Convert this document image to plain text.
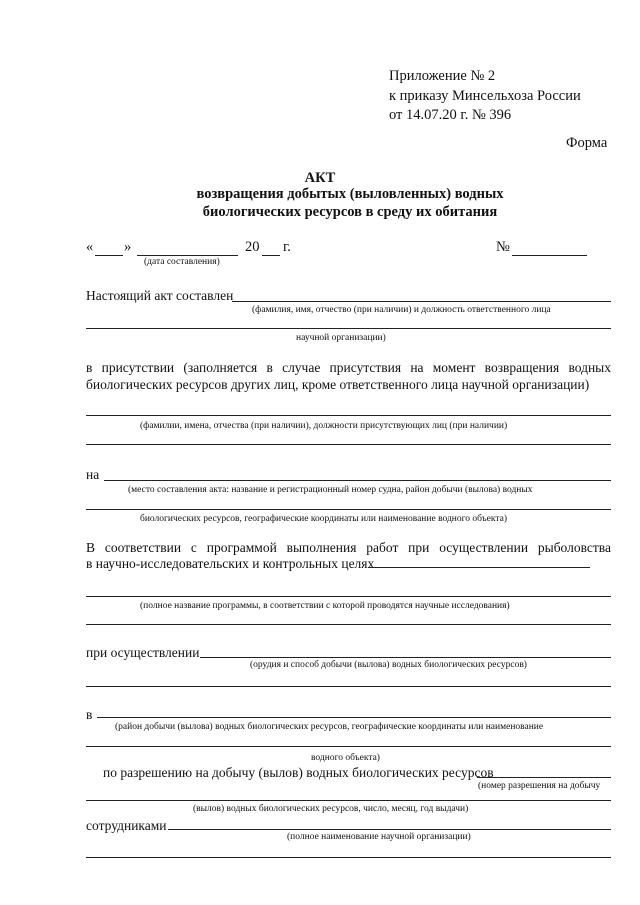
Приложение № 2
к приказу Минсельхоза России
от 14.07.20 г. № 396
Форма
АКТ
возвращения добытых (выловленных) водных
биологических ресурсов в среду их обитания
« »	20 г.
(дата составления)
№
Настоящий акт составлен
(фамилия, имя, отчество (при наличии) и должность ответственного лица
научной организации)
в присутствии (заполняется в случае присутствия на момент возвращения водных
биологических ресурсов других лиц, кроме ответственного лица научной организации)
(фамилии, имена, отчества (при наличии), должности присутствующих лиц (при наличии)
на
(место составления акта: название и регистрационный номер судна, район добычи (вылова) водных
биологических ресурсов, географические координаты или наименование водного объекта)
В соответствии с программой выполнения работ при осуществлении рыболовства
в научно-исследовательских и контрольных целях
(полное название программы, в соответствии с которой проводятся научные исследования)
при осуществлении
(орудия и способ добычи (вылова) водных биологических ресурсов)
в
(район добычи (вылова) водных биологических ресурсов, географические координаты или наименование
водного объекта)
по разрешению на добычу (вылов) водных биологических ресурсов
(номер разрешения на добычу
(вылов) водных биологических ресурсов, число, месяц, год выдачи)
сотрудниками
(полное наименование научной организации)
